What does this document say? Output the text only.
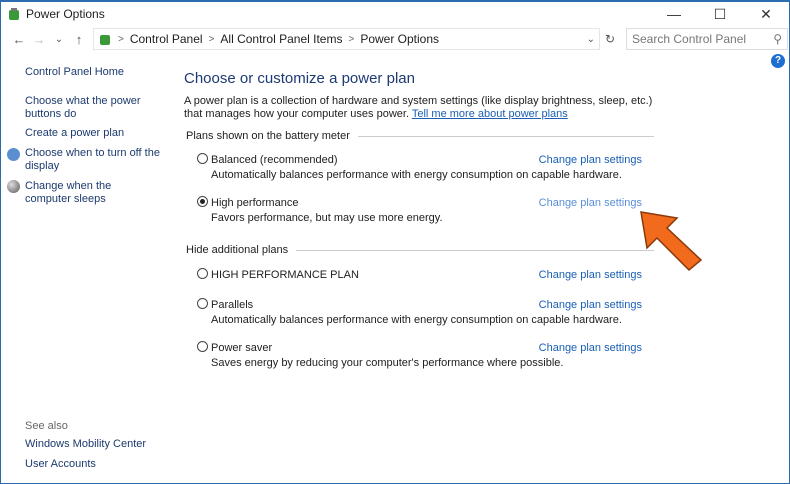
Power Options	—	☐	✕
← → ⌄ ↑	> Control Panel > All Control Panel Items > Power Options	⌄ ↻	Search Control Panel ⚲
?
Control Panel Home
Choose what the power buttons do
Create a power plan
Choose when to turn off the display
Change when the computer sleeps
See also
Windows Mobility Center
User Accounts
Choose or customize a power plan

A power plan is a collection of hardware and system settings (like display brightness, sleep, etc.) that manages how your computer uses power. Tell me more about power plans

Plans shown on the battery meter
Balanced (recommended)	Change plan settings
Automatically balances performance with energy consumption on capable hardware.
High performance	Change plan settings
Favors performance, but may use more energy.
Hide additional plans
HIGH PERFORMANCE PLAN	Change plan settings
Parallels	Change plan settings
Automatically balances performance with energy consumption on capable hardware.
Power saver	Change plan settings
Saves energy by reducing your computer's performance where possible.
